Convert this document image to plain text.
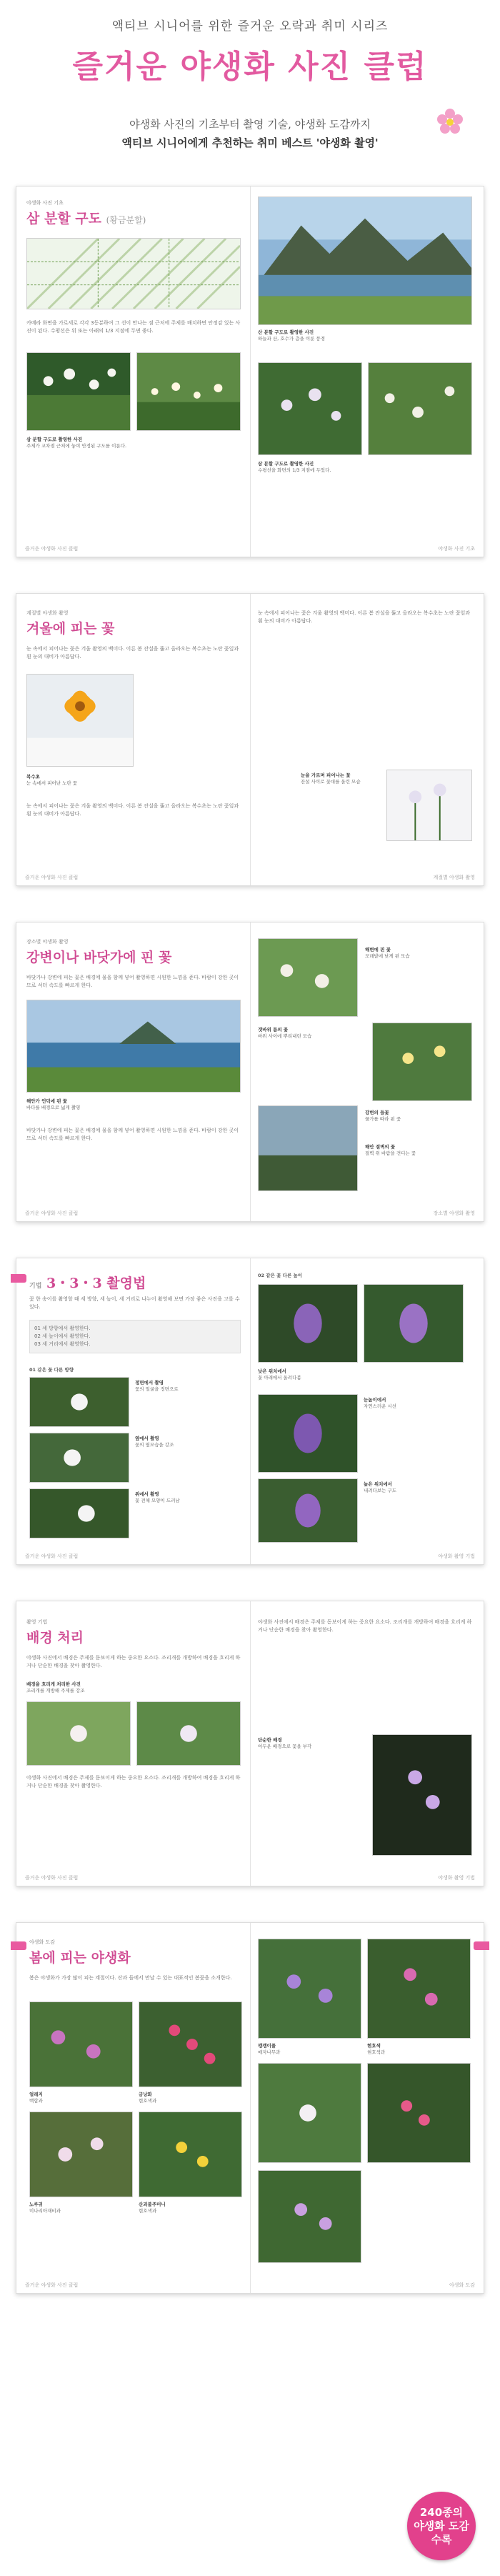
액티브 시니어를 위한 즐거운 오락과 취미 시리즈
즐거운 야생화 사진 클럽
야생화 사진의 기초부터 촬영 기술, 야생화 도감까지
액티브 시니어에게 추천하는 취미 베스트 '야생화 촬영'
야생화 사진 기초
삼 분할 구도 (황금분할)
카메라 화면을 가로세로 각각 3등분하여 그 선이 만나는 점 근처에 주제를 배치하면 안정감 있는 사진이 된다. 수평선은 위 또는 아래의 1/3 지점에 두면 좋다.
삼 분할 구도로 촬영한 사진
주제가 교차점 근처에 놓여 안정된 구도를 이룬다.
산 분할 구도로 촬영한 사진
하늘과 산, 호수가 층을 이룬 풍경
삼 분할 구도로 촬영한 사진
수평선을 화면의 1/3 지점에 두었다.
즐거운 야생화 사진 클럽	야생화 사진 기초
계절별 야생화 촬영
겨울에 피는 꽃
눈 속에서 피어나는 꽃은 겨울 촬영의 백미다. 이른 봄 잔설을 뚫고 올라오는 복수초는 노란 꽃잎과 흰 눈의 대비가 아름답다.
복수초
눈 속에서 피어난 노란 꽃
눈 속에서 피어나는 꽃은 겨울 촬영의 백미다. 이른 봄 잔설을 뚫고 올라오는 복수초는 노란 꽃잎과 흰 눈의 대비가 아름답다.
눈 속에서 피어나는 꽃은 겨울 촬영의 백미다. 이른 봄 잔설을 뚫고 올라오는 복수초는 노란 꽃잎과 흰 눈의 대비가 아름답다.
눈을 가르며 피어나는 꽃
잔설 사이로 꽃대를 올린 모습
즐거운 야생화 사진 클럽	계절별 야생화 촬영
장소별 야생화 촬영
강변이나 바닷가에 핀 꽃
바닷가나 강변에 피는 꽃은 배경에 물을 함께 넣어 촬영하면 시원한 느낌을 준다. 바람이 강한 곳이므로 셔터 속도를 빠르게 한다.
해안가 언덕에 핀 꽃
바다를 배경으로 넓게 촬영
바닷가나 강변에 피는 꽃은 배경에 물을 함께 넣어 촬영하면 시원한 느낌을 준다. 바람이 강한 곳이므로 셔터 속도를 빠르게 한다.
해변에 핀 꽃
모래밭에 낮게 핀 모습
갯바위 틈의 꽃
바위 사이에 뿌리내린 모습
강변의 들꽃
물가를 따라 핀 꽃
해안 절벽의 꽃
절벽 위 바람을 견디는 꽃
즐거운 야생화 사진 클럽	장소별 야생화 촬영
기법 3・3・3 촬영법
꽃 한 송이를 촬영할 때 세 방향, 세 높이, 세 거리로 나누어 촬영해 보면 가장 좋은 사진을 고를 수 있다.
01 세 방향에서 촬영한다.
02 세 높이에서 촬영한다.
03 세 거리에서 촬영한다.
01 같은 꽃 다른 방향
정면에서 촬영
꽃의 얼굴을 정면으로
옆에서 촬영
꽃의 옆모습을 강조
위에서 촬영
꽃 전체 모양이 드러남
02 같은 꽃 다른 높이
낮은 위치에서
꽃 아래에서 올려다봄
눈높이에서
자연스러운 시선
높은 위치에서
내려다보는 구도
즐거운 야생화 사진 클럽	야생화 촬영 기법
촬영 기법
배경 처리
야생화 사진에서 배경은 주제를 돋보이게 하는 중요한 요소다. 조리개를 개방하여 배경을 흐리게 하거나 단순한 배경을 찾아 촬영한다.
배경을 흐리게 처리한 사진
조리개를 개방해 주제를 강조
야생화 사진에서 배경은 주제를 돋보이게 하는 중요한 요소다. 조리개를 개방하여 배경을 흐리게 하거나 단순한 배경을 찾아 촬영한다.
야생화 사진에서 배경은 주제를 돋보이게 하는 중요한 요소다. 조리개를 개방하여 배경을 흐리게 하거나 단순한 배경을 찾아 촬영한다.
단순한 배경
어두운 배경으로 꽃을 부각
즐거운 야생화 사진 클럽	야생화 촬영 기법
야생화 도감
봄에 피는 야생화
봄은 야생화가 가장 많이 피는 계절이다. 산과 들에서 만날 수 있는 대표적인 봄꽃을 소개한다.
얼레지
백합과
금낭화
현호색과
노루귀
미나리아재비과
산괴불주머니
현호색과
깽깽이풀
매자나무과
현호색
현호색과
즐거운 야생화 사진 클럽	야생화 도감
240종의
야생화 도감
수록
